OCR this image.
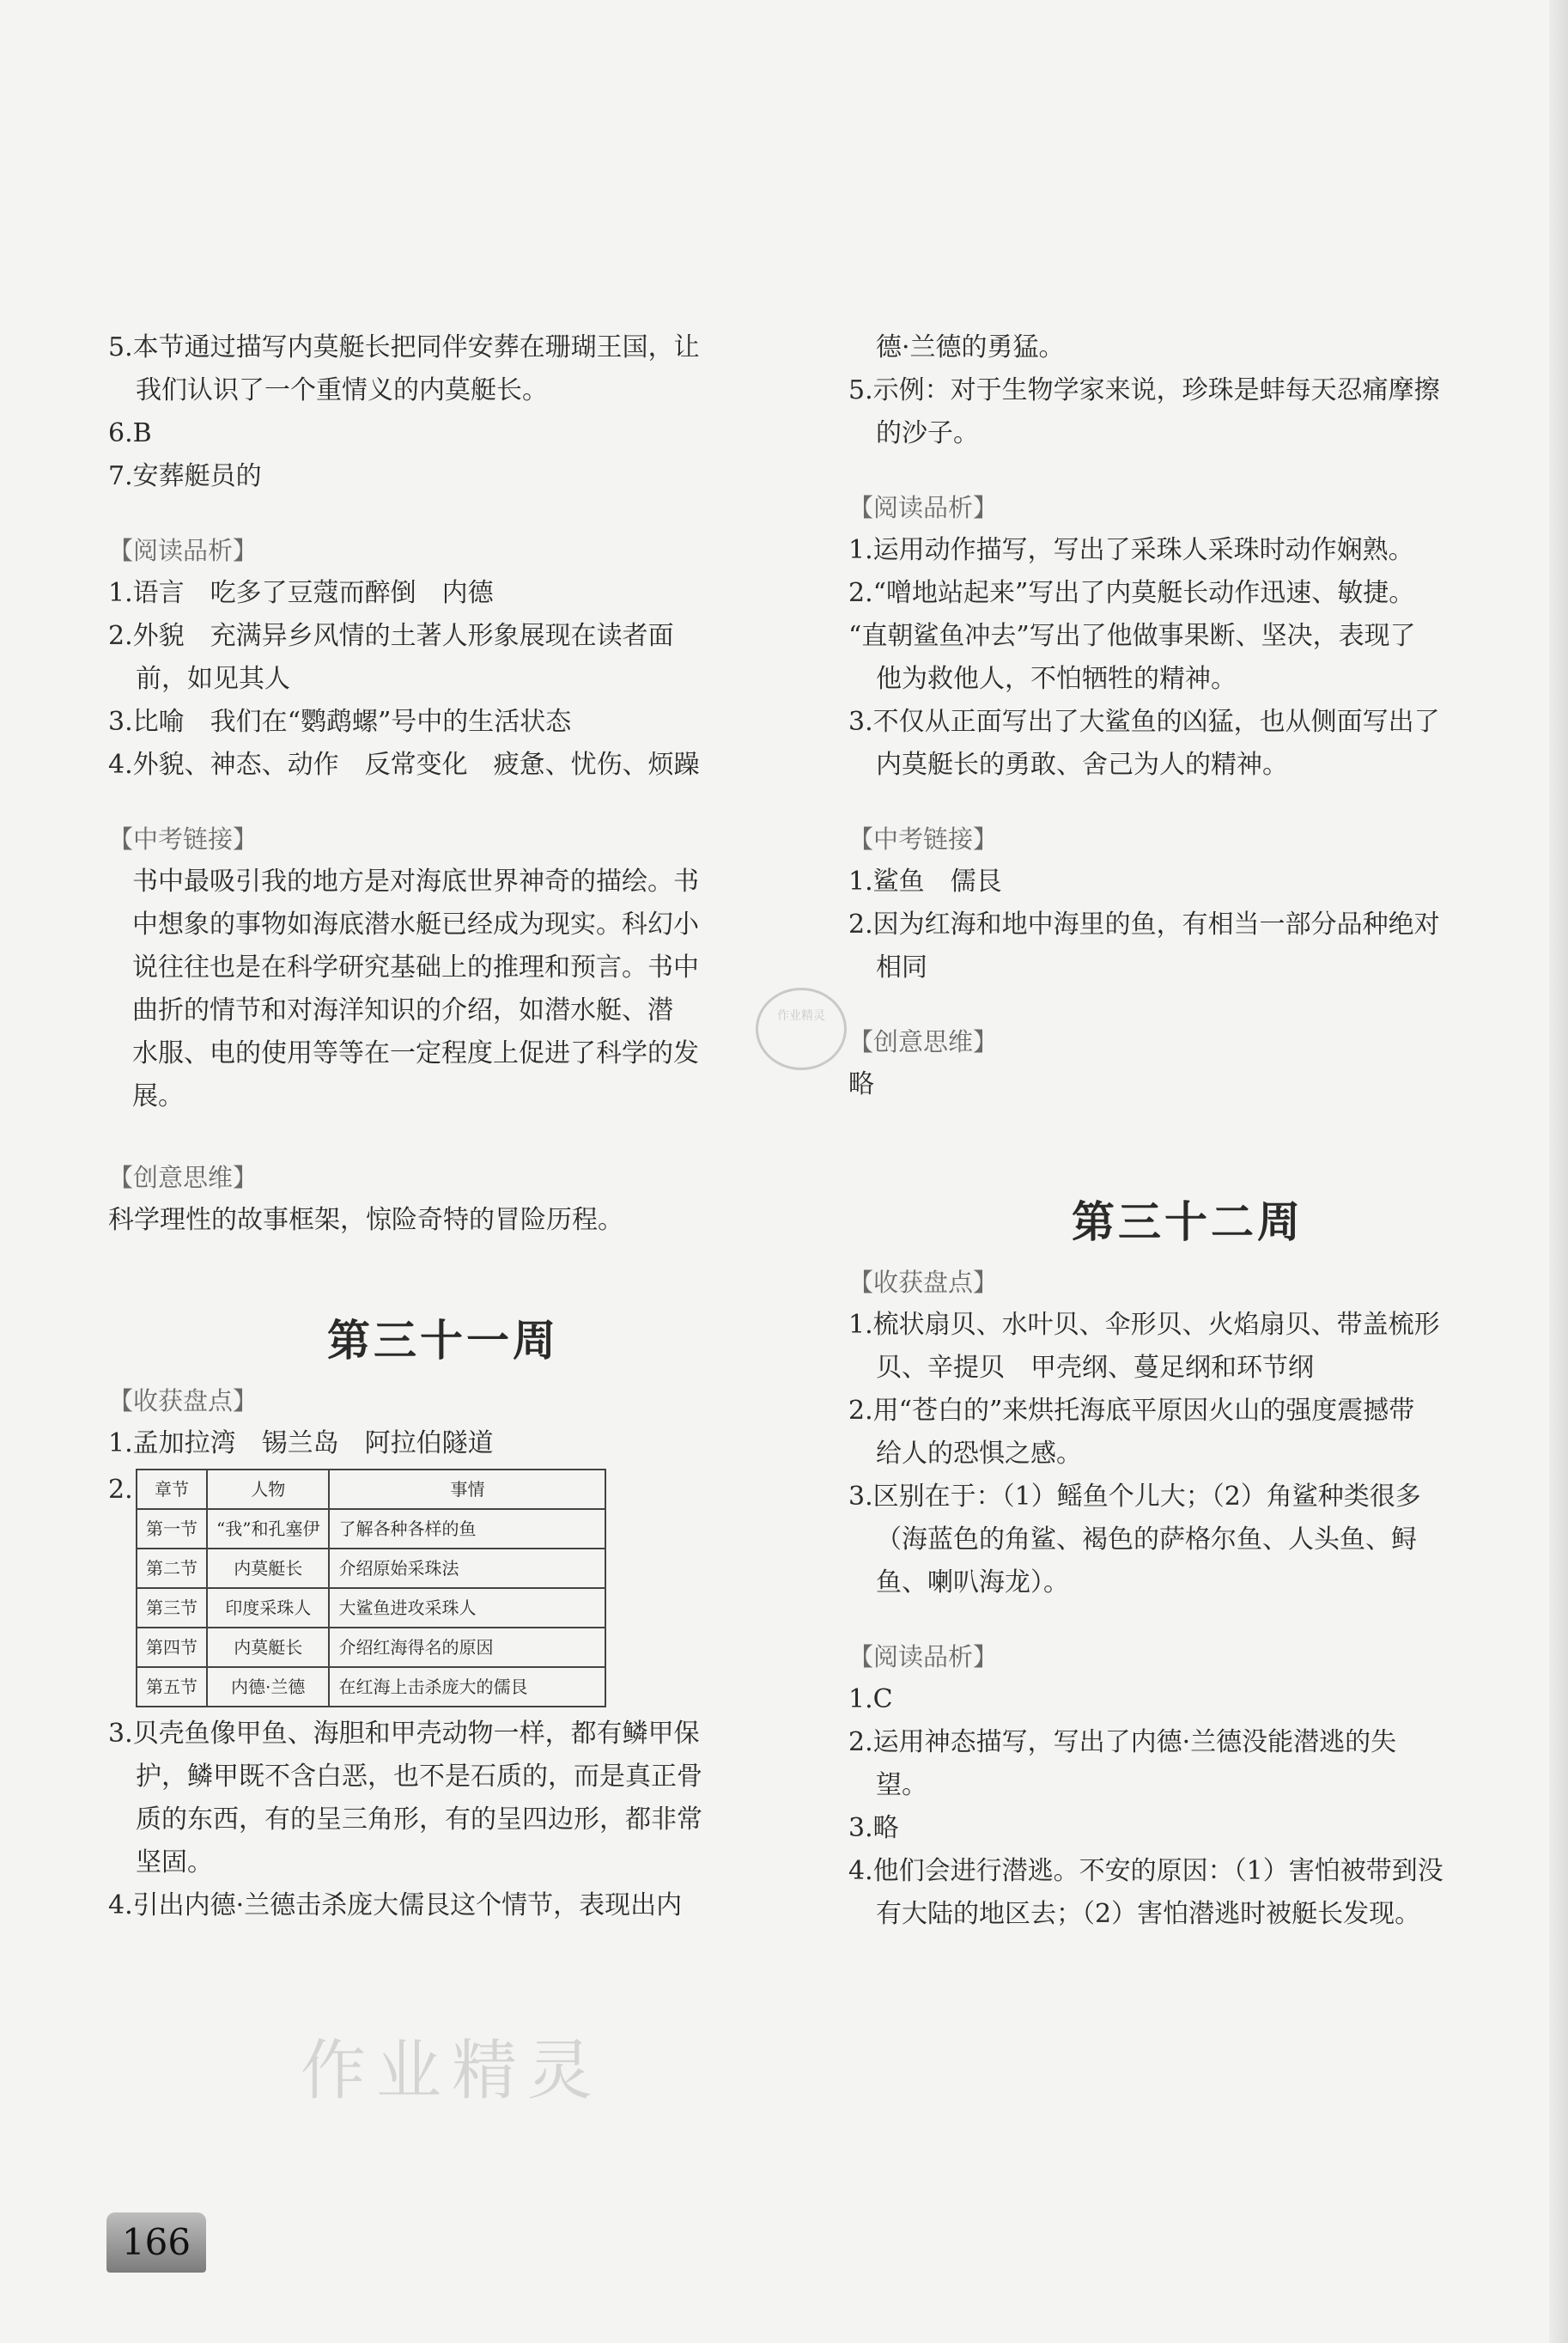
5.本节通过描写内莫艇长把同伴安葬在珊瑚王国，让
我们认识了一个重情义的内莫艇长。

6.B

7.安葬艇员的

【阅读品析】

1.语言　吃多了豆蔻而醉倒　内德

2.外貌　充满异乡风情的土著人形象展现在读者面
前，如见其人

3.比喻　我们在“鹦鹉螺”号中的生活状态

4.外貌、神态、动作　反常变化　疲惫、忧伤、烦躁

【中考链接】

书中最吸引我的地方是对海底世界神奇的描绘。书
中想象的事物如海底潜水艇已经成为现实。科幻小
说往往也是在科学研究基础上的推理和预言。书中
曲折的情节和对海洋知识的介绍，如潜水艇、潜
水服、电的使用等等在一定程度上促进了科学的发
展。

【创意思维】

科学理性的故事框架，惊险奇特的冒险历程。

第三十一周

【收获盘点】

1.孟加拉湾　锡兰岛　阿拉伯隧道

2. 章节	人物	事情
第一节	“我”和孔塞伊	了解各种各样的鱼
第二节	内莫艇长	介绍原始采珠法
第三节	印度采珠人	大鲨鱼进攻采珠人
第四节	内莫艇长	介绍红海得名的原因
第五节	内德·兰德	在红海上击杀庞大的儒艮

3.贝壳鱼像甲鱼、海胆和甲壳动物一样，都有鳞甲保
护，鳞甲既不含白恶，也不是石质的，而是真正骨
质的东西，有的呈三角形，有的呈四边形，都非常
坚固。

4.引出内德·兰德击杀庞大儒艮这个情节，表现出内

德·兰德的勇猛。

5.示例：对于生物学家来说，珍珠是蚌每天忍痛摩擦
的沙子。

【阅读品析】

1.运用动作描写，写出了采珠人采珠时动作娴熟。

2.“噌地站起来”写出了内莫艇长动作迅速、敏捷。

“直朝鲨鱼冲去”写出了他做事果断、坚决，表现了
他为救他人，不怕牺牲的精神。

3.不仅从正面写出了大鲨鱼的凶猛，也从侧面写出了
内莫艇长的勇敢、舍己为人的精神。

【中考链接】

1.鲨鱼　儒艮

2.因为红海和地中海里的鱼，有相当一部分品种绝对
相同

【创意思维】

略

第三十二周

【收获盘点】

1.梳状扇贝、水叶贝、伞形贝、火焰扇贝、带盖梳形
贝、辛提贝　甲壳纲、蔓足纲和环节纲

2.用“苍白的”来烘托海底平原因火山的强度震撼带
给人的恐惧之感。

3.区别在于：（1）鳐鱼个儿大；（2）角鲨种类很多
（海蓝色的角鲨、褐色的萨格尔鱼、人头鱼、鲟
鱼、喇叭海龙）。

【阅读品析】

1.C

2.运用神态描写，写出了内德·兰德没能潜逃的失
望。

3.略

4.他们会进行潜逃。不安的原因：（1）害怕被带到没
有大陆的地区去；（2）害怕潜逃时被艇长发现。

作业精灵
作业精灵
166
